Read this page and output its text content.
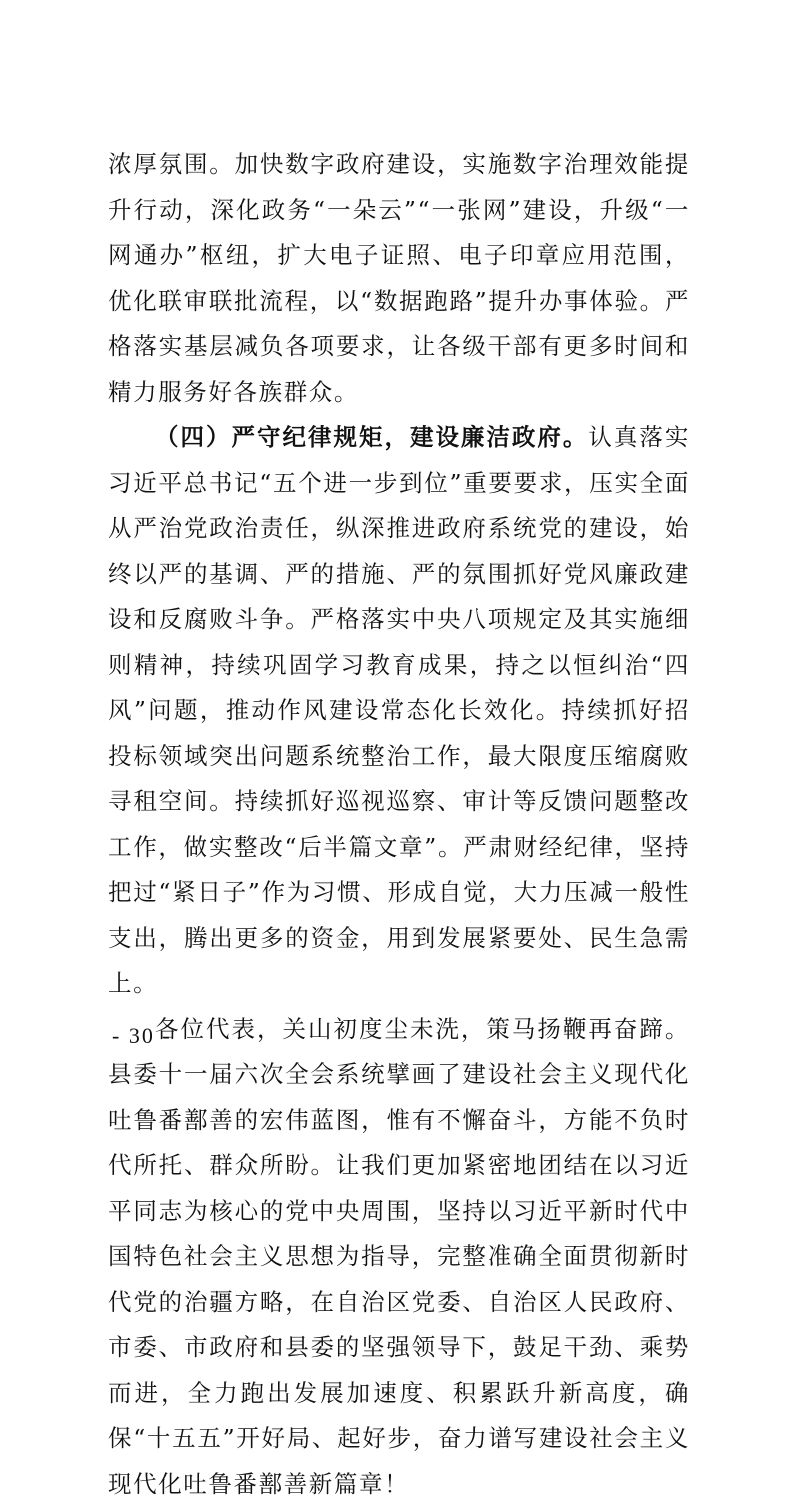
浓厚氛围。加快数字政府建设，实施数字治理效能提升行动，深化政务“一朵云”“一张网”建设，升级“一网通办”枢纽，扩大电子证照、电子印章应用范围，优化联审联批流程，以“数据跑路”提升办事体验。严格落实基层减负各项要求，让各级干部有更多时间和精力服务好各族群众。

（四）严守纪律规矩，建设廉洁政府。认真落实习近平总书记“五个进一步到位”重要要求，压实全面从严治党政治责任，纵深推进政府系统党的建设，始终以严的基调、严的措施、严的氛围抓好党风廉政建设和反腐败斗争。严格落实中央八项规定及其实施细则精神，持续巩固学习教育成果，持之以恒纠治“四风”问题，推动作风建设常态化长效化。持续抓好招投标领域突出问题系统整治工作，最大限度压缩腐败寻租空间。持续抓好巡视巡察、审计等反馈问题整改工作，做实整改“后半篇文章”。严肃财经纪律，坚持把过“紧日子”作为习惯、形成自觉，大力压减一般性支出，腾出更多的资金，用到发展紧要处、民生急需上。

各位代表，关山初度尘未洗，策马扬鞭再奋蹄。县委十一届六次全会系统擘画了建设社会主义现代化吐鲁番鄯善的宏伟蓝图，惟有不懈奋斗，方能不负时代所托、群众所盼。让我们更加紧密地团结在以习近平同志为核心的党中央周围，坚持以习近平新时代中国特色社会主义思想为指导，完整准确全面贯彻新时代党的治疆方略，在自治区党委、自治区人民政府、市委、市政府和县委的坚强领导下，鼓足干劲、乘势而进，全力跑出发展加速度、积累跃升新高度，确保“十五五”开好局、起好步，奋力谱写建设社会主义现代化吐鲁番鄯善新篇章！

- 30 -
